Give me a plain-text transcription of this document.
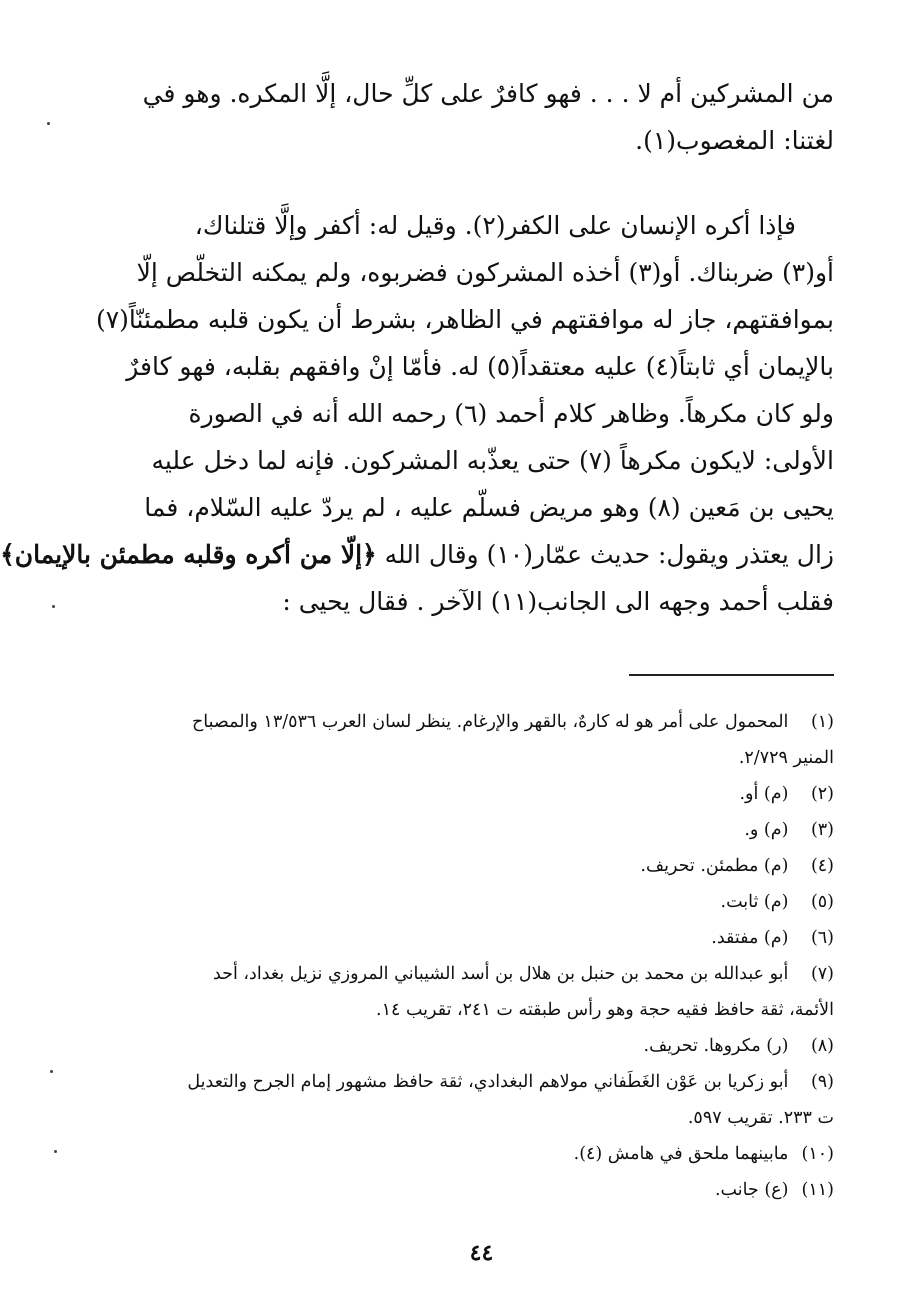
من المشركين أم لا . . . فهو كافرٌ على كلِّ حال، إلَّا المكره. وهو في
لغتنا: المغصوب(١).
فإذا أكره الإنسان على الكفر(٢). وقيل له: أكفر وإلَّا قتلناك،
أو(٣) ضربناك. أو(٣) أخذه المشركون فضربوه، ولم يمكنه التخلّص إلّا
بموافقتهم، جاز له موافقتهم في الظاهر، بشرط أن يكون قلبه مطمئنّاً(٧)
بالإيمان أي ثابتاً(٤) عليه معتقداً(٥) له. فأمّا إنْ وافقهم بقلبه، فهو كافرٌ
ولو كان مكرهاً. وظاهر كلام أحمد (٦) رحمه الله أنه في الصورة
الأولى: لايكون مكرهاً (٧) حتى يعذّبه المشركون. فإنه لما دخل عليه
يحيى بن مَعين (٨) وهو مريض فسلّم عليه ، لم يردّ عليه السّلام، فما
زال يعتذر ويقول: حديث عمّار(١٠) وقال الله ﴿إلّا من أكره وقلبه مطمئن بالإيمان﴾
فقلب أحمد وجهه الى الجانب(١١) الآخر . فقال يحيى :

(١) المحمول على أمر هو له كارهٌ، بالقهر والإرغام. ينظر لسان العرب ١٣/٥٣٦ والمصباح

المنير ٢/٧٢٩.

(٢) (م) أو.

(٣) (م) و.

(٤) (م) مطمئن. تحريف.

(٥) (م) ثابت.

(٦) (م) مفتقد.

(٧) أبو عبدالله بن محمد بن حنبل بن هلال بن أسد الشيباني المروزي نزيل بغداد، أحد

الأئمة، ثقة حافظ فقيه حجة وهو رأس طبقته ت ٢٤١، تقريب ١٤.

(٨) (ر) مكروها. تحريف.

(٩) أبو زكريا بن عَوْن الغَطَفاني مولاهم البغدادي، ثقة حافظ مشهور إمام الجرح والتعديل

ت ٢٣٣. تقريب ٥٩٧.

(١٠) مابينهما ملحق في هامش (٤).

(١١) (ع) جانب.

٤٤
